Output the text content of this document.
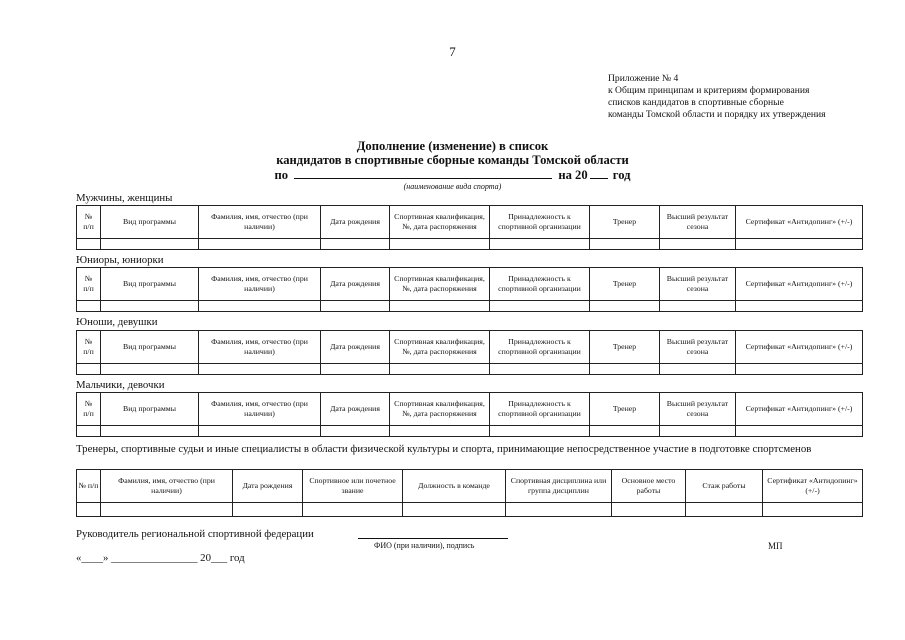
7
Приложение № 4
к Общим принципам и критериям формирования
списков кандидатов в спортивные сборные
команды Томской области и порядку их утверждения
Дополнение (изменение) в список
кандидатов в спортивные сборные команды Томской области
по	на 20 год
(наименование вида спорта)
Мужчины, женщины
№
п/п	Вид программы	Фамилия, имя, отчество (при наличии)	Дата рождения	Спортивная квалификация, №, дата распоряжения	Принадлежность к спортивной организации	Тренер	Высший результат сезона	Сертификат «Антидопинг» (+/-)

Юниоры, юниорки
№
п/п	Вид программы	Фамилия, имя, отчество (при наличии)	Дата рождения	Спортивная квалификация, №, дата распоряжения	Принадлежность к спортивной организации	Тренер	Высший результат сезона	Сертификат «Антидопинг» (+/-)

Юноши, девушки
№
п/п	Вид программы	Фамилия, имя, отчество (при наличии)	Дата рождения	Спортивная квалификация, №, дата распоряжения	Принадлежность к спортивной организации	Тренер	Высший результат сезона	Сертификат «Антидопинг» (+/-)

Мальчики, девочки
№
п/п	Вид программы	Фамилия, имя, отчество (при наличии)	Дата рождения	Спортивная квалификация, №, дата распоряжения	Принадлежность к спортивной организации	Тренер	Высший результат сезона	Сертификат «Антидопинг» (+/-)

Тренеры, спортивные судьи и иные специалисты в области физической культуры и спорта, принимающие непосредственное участие в подготовке спортсменов
№ п/п	Фамилия, имя, отчество (при наличии)	Дата рождения	Спортивное или почетное звание	Должность в команде	Спортивная дисциплина или группа дисциплин	Основное место работы	Стаж работы	Сертификат «Антидопинг» (+/-)

Руководитель региональной спортивной федерации
ФИО (при наличии), подпись	МП
«____» ________________ 20___ год
